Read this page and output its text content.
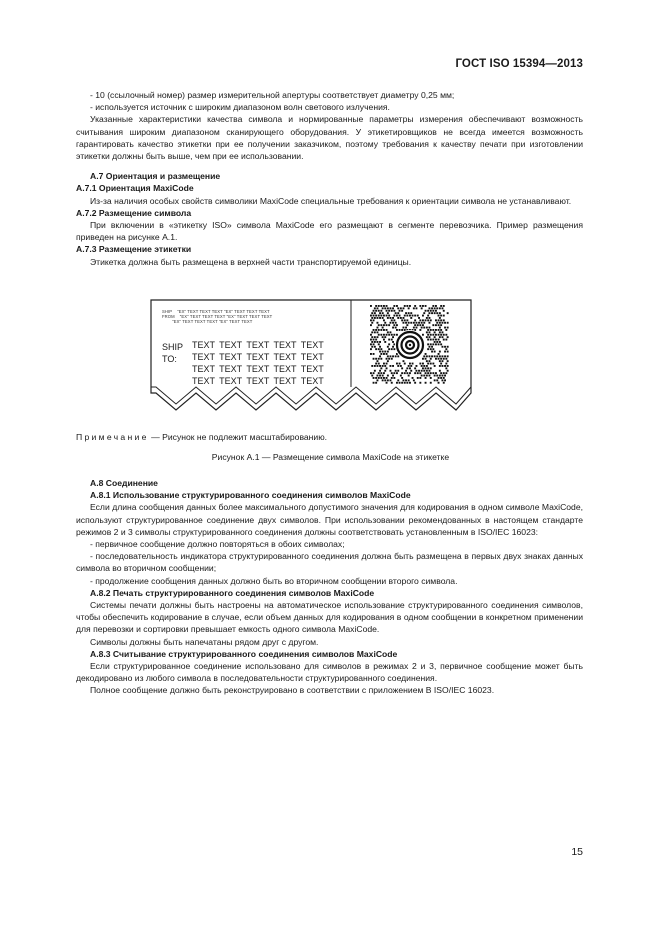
ГОСТ ISO 15394—2013

- 10 (ссылочный номер) размер измерительной апертуры соответствует диаметру 0,25 мм;

- используется источник с широким диапазоном волн светового излучения.

Указанные характеристики качества символа и нормированные параметры измерения обеспечивают возможность считывания широким диапазоном сканирующего оборудования. У этикетировщиков не всегда имеется возможность гарантировать качество этикетки при ее получении заказчиком, поэтому требования к качеству печати при изготовлении этикетки должны быть выше, чем при ее использовании.

А.7 Ориентация и размещение

А.7.1 Ориентация MaxiCode

Из-за наличия особых свойств символики MaxiCode специальные требования к ориентации символа не устанавливают.

А.7.2 Размещение символа

При включении в «этикетку ISO» символа MaxiCode его размещают в сегменте перевозчика. Пример размещения приведен на рисунке А.1.

А.7.3 Размещение этикетки

Этикетка должна быть размещена в верхней части транспортируемой единицы.

SHIP    "EX" TEXT TEXT TEXT "EX" TEXT TEXT TEXT
FROM    "EX" TEXT TEXT TEXT "EX" TEXT TEXT TEXT
"EX" TEXT TEXT TEXT "EX" TEXT TEXT
SHIP
TO:
TEXT TEXT TEXT TEXT TEXT
TEXT TEXT TEXT TEXT TEXT
TEXT TEXT TEXT TEXT TEXT
TEXT TEXT TEXT TEXT TEXT
Примечание — Рисунок не подлежит масштабированию.
Рисунок А.1 — Размещение символа MaxiCode на этикетке

А.8 Соединение

А.8.1 Использование структурированного соединения символов MaxiCode

Если длина сообщения данных более максимального допустимого значения для кодирования в одном символе MaxiCode, используют структурированное соединение двух символов. При использовании рекомендованных в настоящем стандарте режимов 2 и 3 символы структурированного соединения должны соответствовать установленным в ISO/IEC 16023:

- первичное сообщение должно повторяться в обоих символах;

- последовательность индикатора структурированного соединения должна быть размещена в первых двух знаках данных символа во вторичном сообщении;

- продолжение сообщения данных должно быть во вторичном сообщении второго символа.

А.8.2 Печать структурированного соединения символов MaxiCode

Системы печати должны быть настроены на автоматическое использование структурированного соединения символов, чтобы обеспечить кодирование в случае, если объем данных для кодирования в одном сообщении в конкретном применении для перевозки и сортировки превышает емкость одного символа MaxiCode.

Символы должны быть напечатаны рядом друг с другом.

А.8.3 Считывание структурированного соединения символов MaxiCode

Если структурированное соединение использовано для символов в режимах 2 и 3, первичное сообщение может быть декодировано из любого символа в последовательности структурированного соединения.

Полное сообщение должно быть реконструировано в соответствии с приложением В ISO/IEC 16023.

15
